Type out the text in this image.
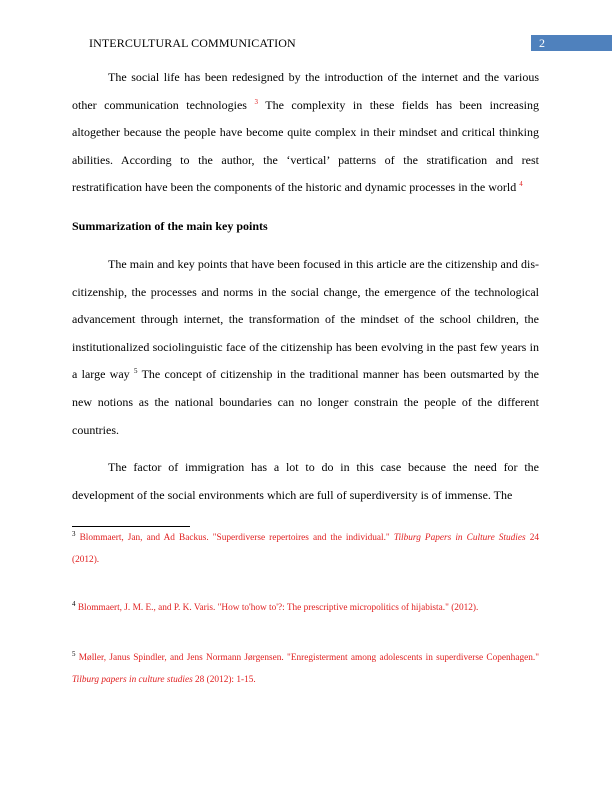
INTERCULTURAL COMMUNICATION	2

The social life has been redesigned by the introduction of the internet and the various other communication technologies $^3$ The complexity in these fields has been increasing altogether because the people have become quite complex in their mindset and critical thinking abilities. According to the author, the ‘vertical’ patterns of the stratification and rest restratification have been the components of the historic and dynamic processes in the world $^4$

Summarization of the main key points

The main and key points that have been focused in this article are the citizenship and dis-citizenship, the processes and norms in the social change, the emergence of the technological advancement through internet, the transformation of the mindset of the school children, the institutionalized sociolinguistic face of the citizenship has been evolving in the past few years in a large way $^5$ The concept of citizenship in the traditional manner has been outsmarted by the new notions as the national boundaries can no longer constrain the people of the different countries.

The factor of immigration has a lot to do in this case because the need for the development of the social environments which are full of superdiversity is of immense. The

$^3$ Blommaert, Jan, and Ad Backus. "Superdiverse repertoires and the individual." Tilburg Papers in Culture Studies 24 (2012).

$^4$ Blommaert, J. M. E., and P. K. Varis. "How to'how to'?: The prescriptive micropolitics of hijabista." (2012).

$^5$ Møller, Janus Spindler, and Jens Normann Jørgensen. "Enregisterment among adolescents in superdiverse Copenhagen." Tilburg papers in culture studies 28 (2012): 1-15.
